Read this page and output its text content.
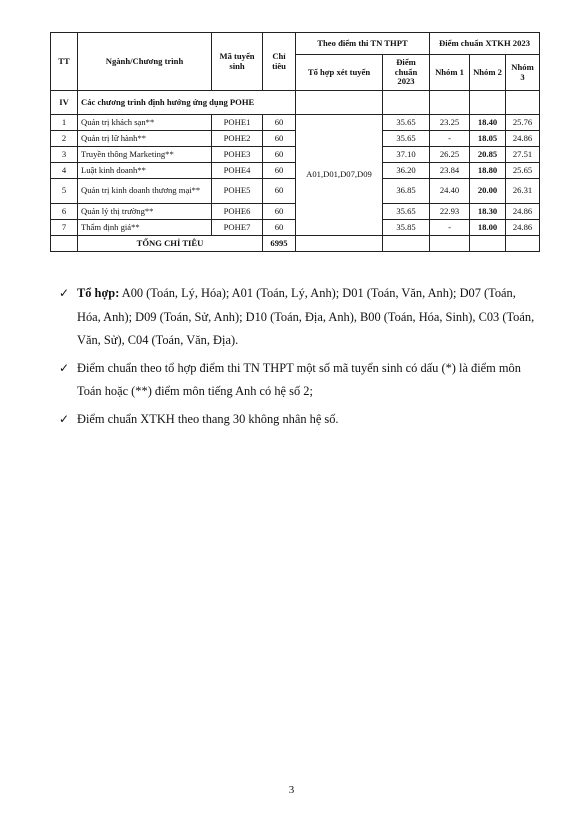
TT	Ngành/Chương trình	Mã tuyển sinh	Chỉ tiêu	Theo điểm thi TN THPT		Điểm chuẩn XTKH 2023		
				Tổ hợp xét tuyển	Điểm chuẩn 2023	Nhóm 1	Nhóm 2	Nhóm 3
IV	Các chương trình định hướng ứng dụng POHE							
1	Quản trị khách sạn**	POHE1	60	A01,D01,D07,D09	35.65	23.25	18.40	25.76
2	Quản trị lữ hành**	POHE2	60		35.65	-	18.05	24.86
3	Truyền thông Marketing**	POHE3	60		37.10	26.25	20.85	27.51
4	Luật kinh doanh**	POHE4	60		36.20	23.84	18.80	25.65
5	Quản trị kinh doanh thương mại**	POHE5	60		36.85	24.40	20.00	26.31
6	Quản lý thị trường**	POHE6	60		35.65	22.93	18.30	24.86
7	Thẩm định giá**	POHE7	60		35.85	-	18.00	24.86
	TỔNG CHỈ TIÊU		6995					

✓ Tổ hợp: A00 (Toán, Lý, Hóa); A01 (Toán, Lý, Anh); D01 (Toán, Văn, Anh); D07 (Toán, Hóa, Anh); D09 (Toán, Sử, Anh); D10 (Toán, Địa, Anh), B00 (Toán, Hóa, Sinh), C03 (Toán, Văn, Sử), C04 (Toán, Văn, Địa).

✓ Điểm chuẩn theo tổ hợp điểm thi TN THPT một số mã tuyển sinh có dấu (*) là điểm môn Toán hoặc (**) điểm môn tiếng Anh có hệ số 2;

✓ Điểm chuẩn XTKH theo thang 30 không nhân hệ số.

3
